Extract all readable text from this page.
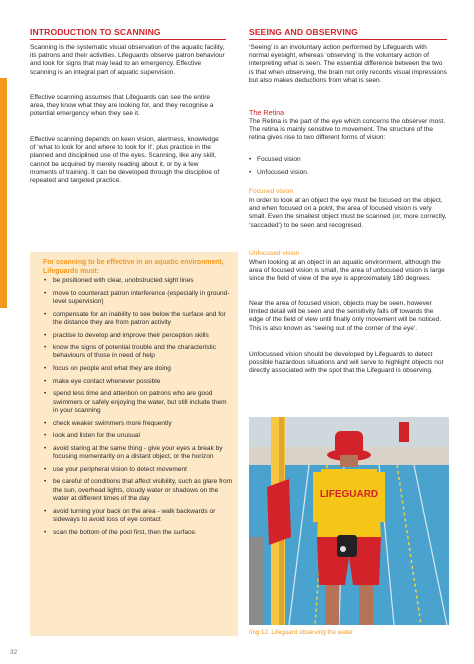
INTRODUCTION TO SCANNING

Scanning is the systematic visual observation of the aquatic facility, its patrons and their activities. Lifeguards observe patron behaviour and look for signs that may lead to an emergency. Effective scanning is an integral part of aquatic supervision.

Effective scanning assumes that Lifeguards can see the entire area, they know what they are looking for, and they recognise a potential emergency when they see it.

Effective scanning depends on keen vision, alertness, knowledge of ‘what to look for and where to look for it’, plus practice in the planned and disciplined use of the eyes. Scanning, like any skill, cannot be acquired by merely reading about it, or by a few moments of training. It can be developed through the discipline of repeated and targeted practice.

For scanning to be effective in an aquatic environment, Lifeguards must:

• be positioned with clear, unobstructed sight lines
• move to counteract patron interference (especially in ground-level supervision)
• compensate for an inability to see below the surface and for the distance they are from patron activity
• practise to develop and improve their perception skills
• know the signs of potential trouble and the characteristic behaviours of those in need of help
• focus on people and what they are doing
• make eye contact whenever possible
• spend less time and attention on patrons who are good swimmers or safely enjoying the water, but still include them in your scanning
• check weaker swimmers more frequently
• look and listen for the unusual
• avoid staring at the same thing - give your eyes a break by focusing momentarily on a distant object, or the horizon
• use your peripheral vision to detect movement
• be careful of conditions that affect visibility, such as glare from the sun, overhead lights, cloudy water or shadows on the water at different times of the day
• avoid turning your back on the area - walk backwards or sideways to avoid loss of eye contact
• scan the bottom of the pool first, then the surface.
SEEING AND OBSERVING

‘Seeing’ is an involuntary action performed by Lifeguards with normal eyesight, whereas ‘observing’ is the voluntary action of interpreting what is seen. The essential difference between the two is that when observing, the brain not only records visual impressions but also makes deductions from what is seen.

The Retina

The Retina is the part of the eye which concerns the observer most. The retina is mainly sensitive to movement. The structure of the retina gives rise to two different forms of vision:

• Focused vision
• Unfocused vision.

Focused vision

In order to look at an object the eye must be focused on the object, and when focused on a point, the area of focused vision is very small. Even the smallest object must be scanned (or, more correctly, ‘saccaded’) to be seen and recognised.

Unfocused vision

When looking at an object in an aquatic environment, although the area of focused vision is small, the area of unfocused vision is large since the field of view of the eye is approximately 180 degrees.

Near the area of focused vision, objects may be seen, however limited detail will be seen and the sensitivity falls off towards the edge of the field of view until finally only movement will be noticed. This is also known as ‘seeing out of the corner of the eye’.

Unfocussed vision should be developed by Lifeguards to detect possible hazardous situations and will serve to highlight objects not directly associated with the spot that the Lifeguard is observing.

LIFEGUARD

Img 12. Lifeguard observing the water

32
